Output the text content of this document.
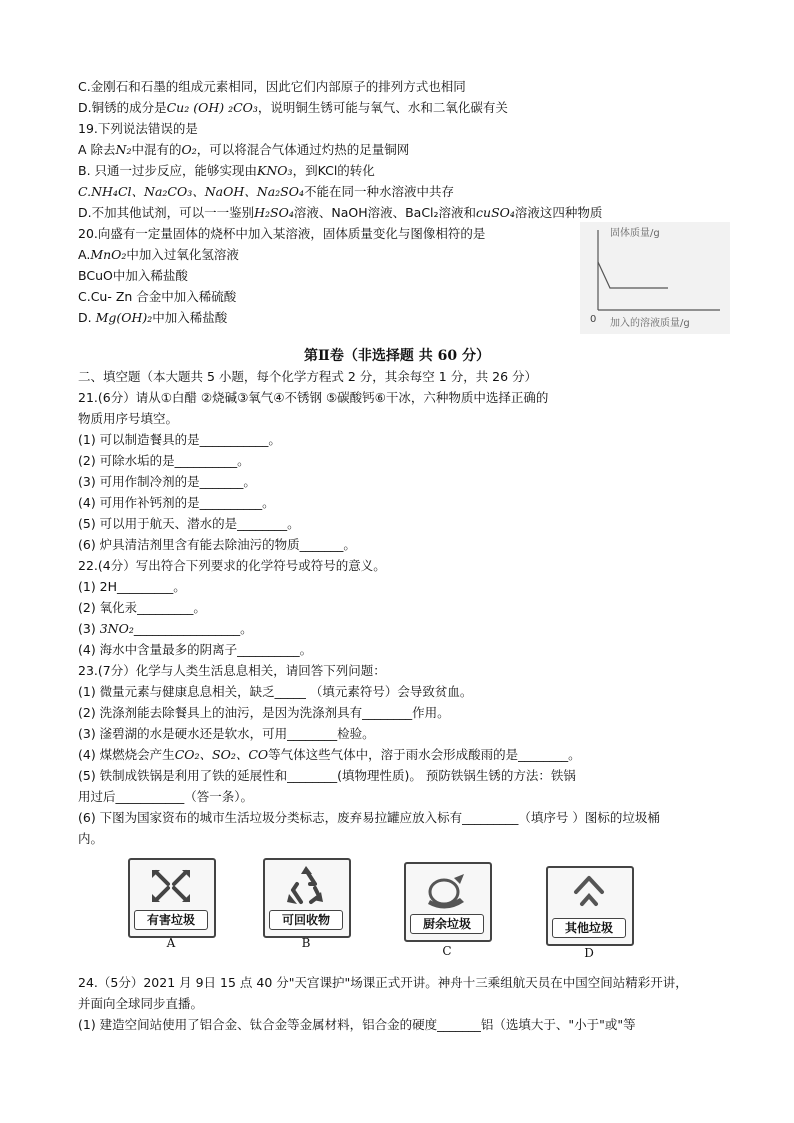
C.金刚石和石墨的组成元素相同，因此它们内部原子的排列方式也相同
D.铜锈的成分是Cu₂ (OH) ₂CO₃，说明铜生锈可能与氧气、水和二氧化碳有关
19.下列说法错误的是
A 除去N₂中混有的O₂，可以将混合气体通过灼热的足量铜网
B. 只通一过步反应，能够实现由KNO₃，到KCl的转化
C.NH₄Cl、Na₂CO₃、NaOH、Na₂SO₄不能在同一种水溶液中共存
D.不加其他试剂，可以一一鉴别H₂SO₄溶液、NaOH溶液、BaCl₂溶液和cuSO₄溶液这四种物质
20.向盛有一定量固体的烧杯中加入某溶液，固体质量变化与图像相符的是
A.MnO₂中加入过氧化氢溶液
BCuO中加入稀盐酸
C.Cu- Zn 合金中加入稀硫酸
D. Mg(OH)₂中加入稀盐酸
固体质量/g
0 加入的溶液质量/g
第Ⅱ卷（非选择题 共 60 分）
二、填空题（本大题共 5 小题，每个化学方程式 2 分，其余每空 1 分，共 26 分）
21.(6分）请从①白醋 ②烧碱③氧气④不锈钢 ⑤碳酸钙⑥干冰，六种物质中选择正确的
物质用序号填空。
(1) 可以制造餐具的是___________。
(2) 可除水垢的是__________。
(3) 可用作制冷剂的是_______。
(4) 可用作补钙剂的是__________。
(5) 可以用于航天、潜水的是________。
(6) 炉具清洁剂里含有能去除油污的物质_______。
22.(4分）写出符合下列要求的化学符号或符号的意义。
(1) 2H_________。
(2) 氧化汞_________。
(3) 3NO₂_________________。
(4) 海水中含量最多的阴离子__________。
23.(7分）化学与人类生活息息相关，请回答下列问题：
(1) 微量元素与健康息息相关，缺乏_____ （填元素符号）会导致贫血。
(2) 洗涤剂能去除餐具上的油污，是因为洗涤剂具有________作用。
(3) 滏碧湖的水是硬水还是软水，可用________检验。
(4) 煤燃烧会产生CO₂、SO₂、CO等气体这些气体中，溶于雨水会形成酸雨的是________。
(5) 铁制成铁锅是利用了铁的延展性和________(填物理性质)。 预防铁锅生锈的方法：铁锅
用过后___________（答一条）。
(6) 下图为国家资布的城市生活垃圾分类标志，废弃易拉罐应放入标有_________（填序号 ）图标的垃圾桶
内。
有害垃圾
A
可回收物
B
厨余垃圾
C
其他垃圾
D
24.（5分）2021 月 9日 15 点 40 分"天宫课护"场课正式开讲。神舟十三乘组航天员在中国空间站精彩开讲，
并面向全球同步直播。
(1) 建造空间站使用了铝合金、钛合金等金属材料，铝合金的硬度_______铝（选填大于、"小于"或"等
